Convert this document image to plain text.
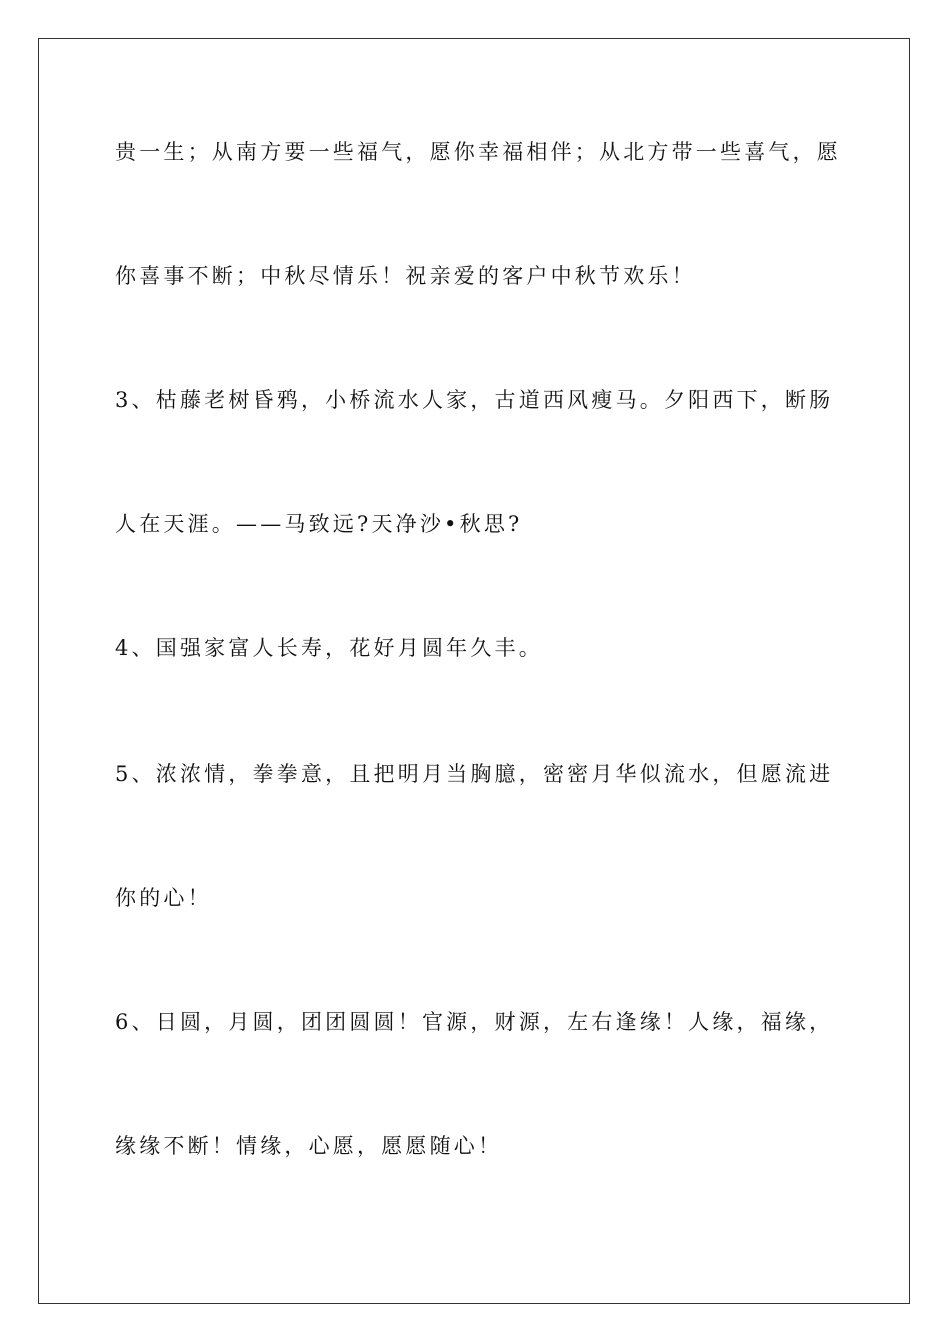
贵一生；从南方要一些福气，愿你幸福相伴；从北方带一些喜气，愿
你喜事不断；中秋尽情乐！祝亲爱的客户中秋节欢乐！
3、枯藤老树昏鸦，小桥流水人家，古道西风瘦马。夕阳西下，断肠
人在天涯。——马致远?天净沙•秋思?
4、国强家富人长寿，花好月圆年久丰。
5、浓浓情，拳拳意，且把明月当胸臆，密密月华似流水，但愿流进
你的心！
6、日圆，月圆，团团圆圆！官源，财源，左右逢缘！人缘，福缘，
缘缘不断！情缘，心愿，愿愿随心！
